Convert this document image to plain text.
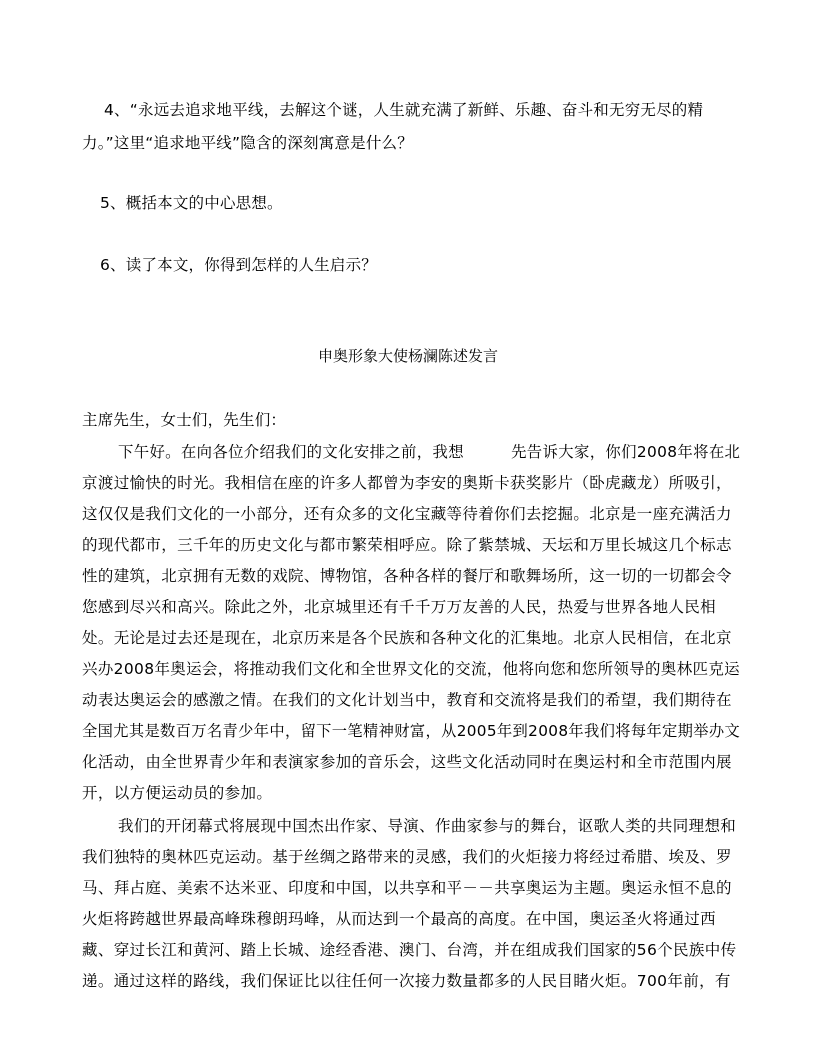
4、“永远去追求地平线，去解这个谜，人生就充满了新鲜、乐趣、奋斗和无穷无尽的精
力。”这里“追求地平线”隐含的深刻寓意是什么？
5、概括本文的中心思想。
6、读了本文，你得到怎样的人生启示？
申奥形象大使杨澜陈述发言
主席先生，女士们，先生们：
下午好。在向各位介绍我们的文化安排之前，我想　　　先告诉大家，你们2008年将在北
京渡过愉快的时光。我相信在座的许多人都曾为李安的奥斯卡获奖影片（卧虎藏龙）所吸引，
这仅仅是我们文化的一小部分，还有众多的文化宝藏等待着你们去挖掘。北京是一座充满活力
的现代都市，三千年的历史文化与都市繁荣相呼应。除了紫禁城、天坛和万里长城这几个标志
性的建筑，北京拥有无数的戏院、博物馆，各种各样的餐厅和歌舞场所，这一切的一切都会令
您感到尽兴和高兴。除此之外，北京城里还有千千万万友善的人民，热爱与世界各地人民相
处。无论是过去还是现在，北京历来是各个民族和各种文化的汇集地。北京人民相信，在北京
兴办2008年奥运会，将推动我们文化和全世界文化的交流，他将向您和您所领导的奥林匹克运
动表达奥运会的感激之情。在我们的文化计划当中，教育和交流将是我们的希望，我们期待在
全国尤其是数百万名青少年中，留下一笔精神财富，从2005年到2008年我们将每年定期举办文
化活动，由全世界青少年和表演家参加的音乐会，这些文化活动同时在奥运村和全市范围内展
开，以方便运动员的参加。
我们的开闭幕式将展现中国杰出作家、导演、作曲家参与的舞台，讴歌人类的共同理想和
我们独特的奥林匹克运动。基于丝绸之路带来的灵感，我们的火炬接力将经过希腊、埃及、罗
马、拜占庭、美索不达米亚、印度和中国，以共享和平－－共享奥运为主题。奥运永恒不息的
火炬将跨越世界最高峰珠穆朗玛峰，从而达到一个最高的高度。在中国，奥运圣火将通过西
藏、穿过长江和黄河、踏上长城、途经香港、澳门、台湾，并在组成我们国家的56个民族中传
递。通过这样的路线，我们保证比以往任何一次接力数量都多的人民目睹火炬。700年前，有
